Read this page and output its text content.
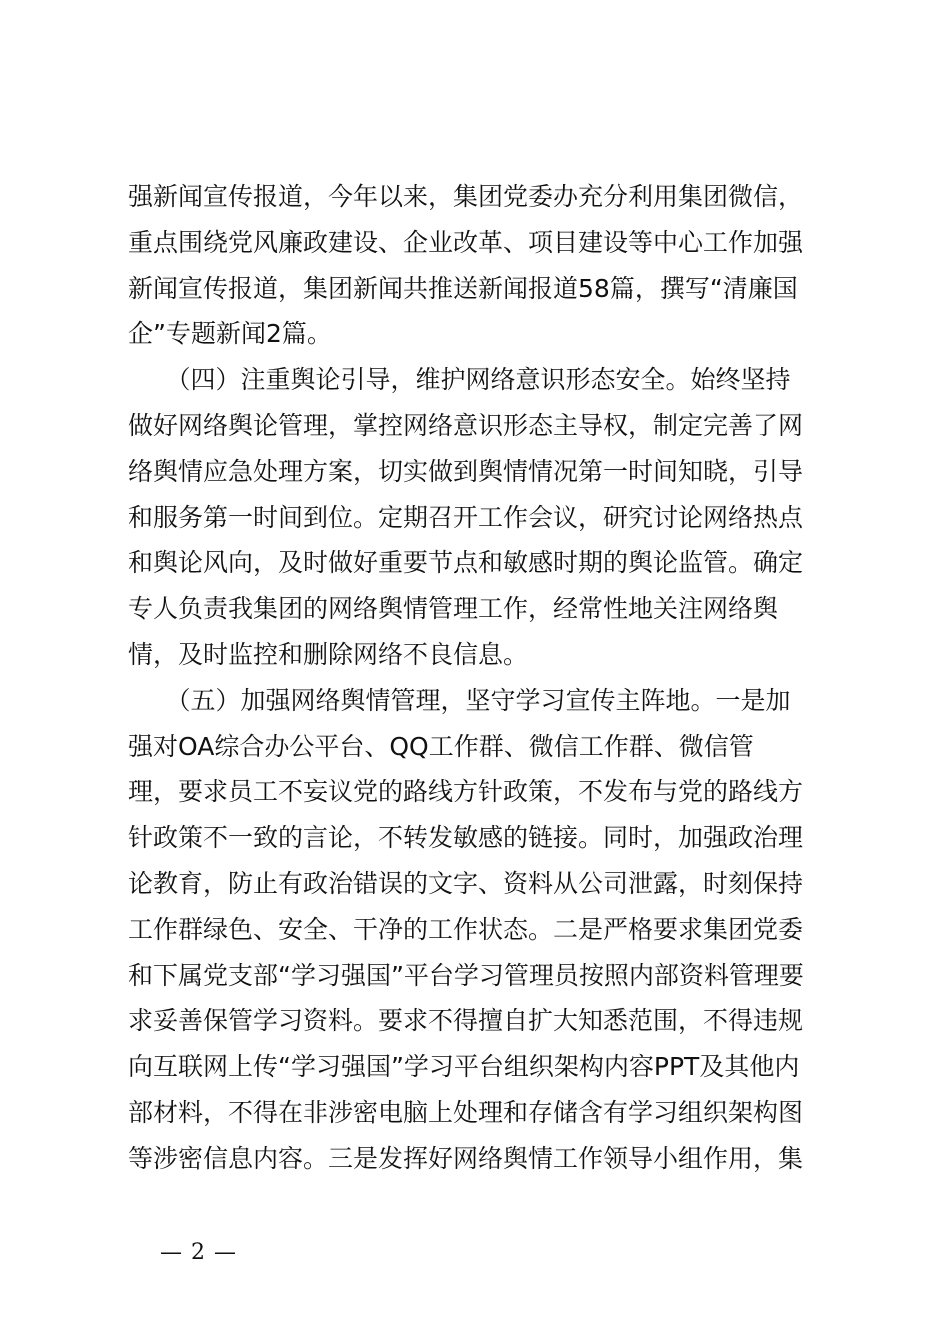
强新闻宣传报道，今年以来，集团党委办充分利用集团微信，
重点围绕党风廉政建设、企业改革、项目建设等中心工作加强
新闻宣传报道，集团新闻共推送新闻报道58篇，撰写“清廉国
企”专题新闻2篇。
　　（四）注重舆论引导，维护网络意识形态安全。始终坚持
做好网络舆论管理，掌控网络意识形态主导权，制定完善了网
络舆情应急处理方案，切实做到舆情情况第一时间知晓，引导
和服务第一时间到位。定期召开工作会议，研究讨论网络热点
和舆论风向，及时做好重要节点和敏感时期的舆论监管。确定
专人负责我集团的网络舆情管理工作，经常性地关注网络舆
情，及时监控和删除网络不良信息。
　　（五）加强网络舆情管理，坚守学习宣传主阵地。一是加
强对OA综合办公平台、QQ工作群、微信工作群、微信管
理，要求员工不妄议党的路线方针政策，不发布与党的路线方
针政策不一致的言论，不转发敏感的链接。同时，加强政治理
论教育，防止有政治错误的文字、资料从公司泄露，时刻保持
工作群绿色、安全、干净的工作状态。二是严格要求集团党委
和下属党支部“学习强国”平台学习管理员按照内部资料管理要
求妥善保管学习资料。要求不得擅自扩大知悉范围，不得违规
向互联网上传“学习强国”学习平台组织架构内容PPT及其他内
部材料，不得在非涉密电脑上处理和存储含有学习组织架构图
等涉密信息内容。三是发挥好网络舆情工作领导小组作用，集
— 2 —
